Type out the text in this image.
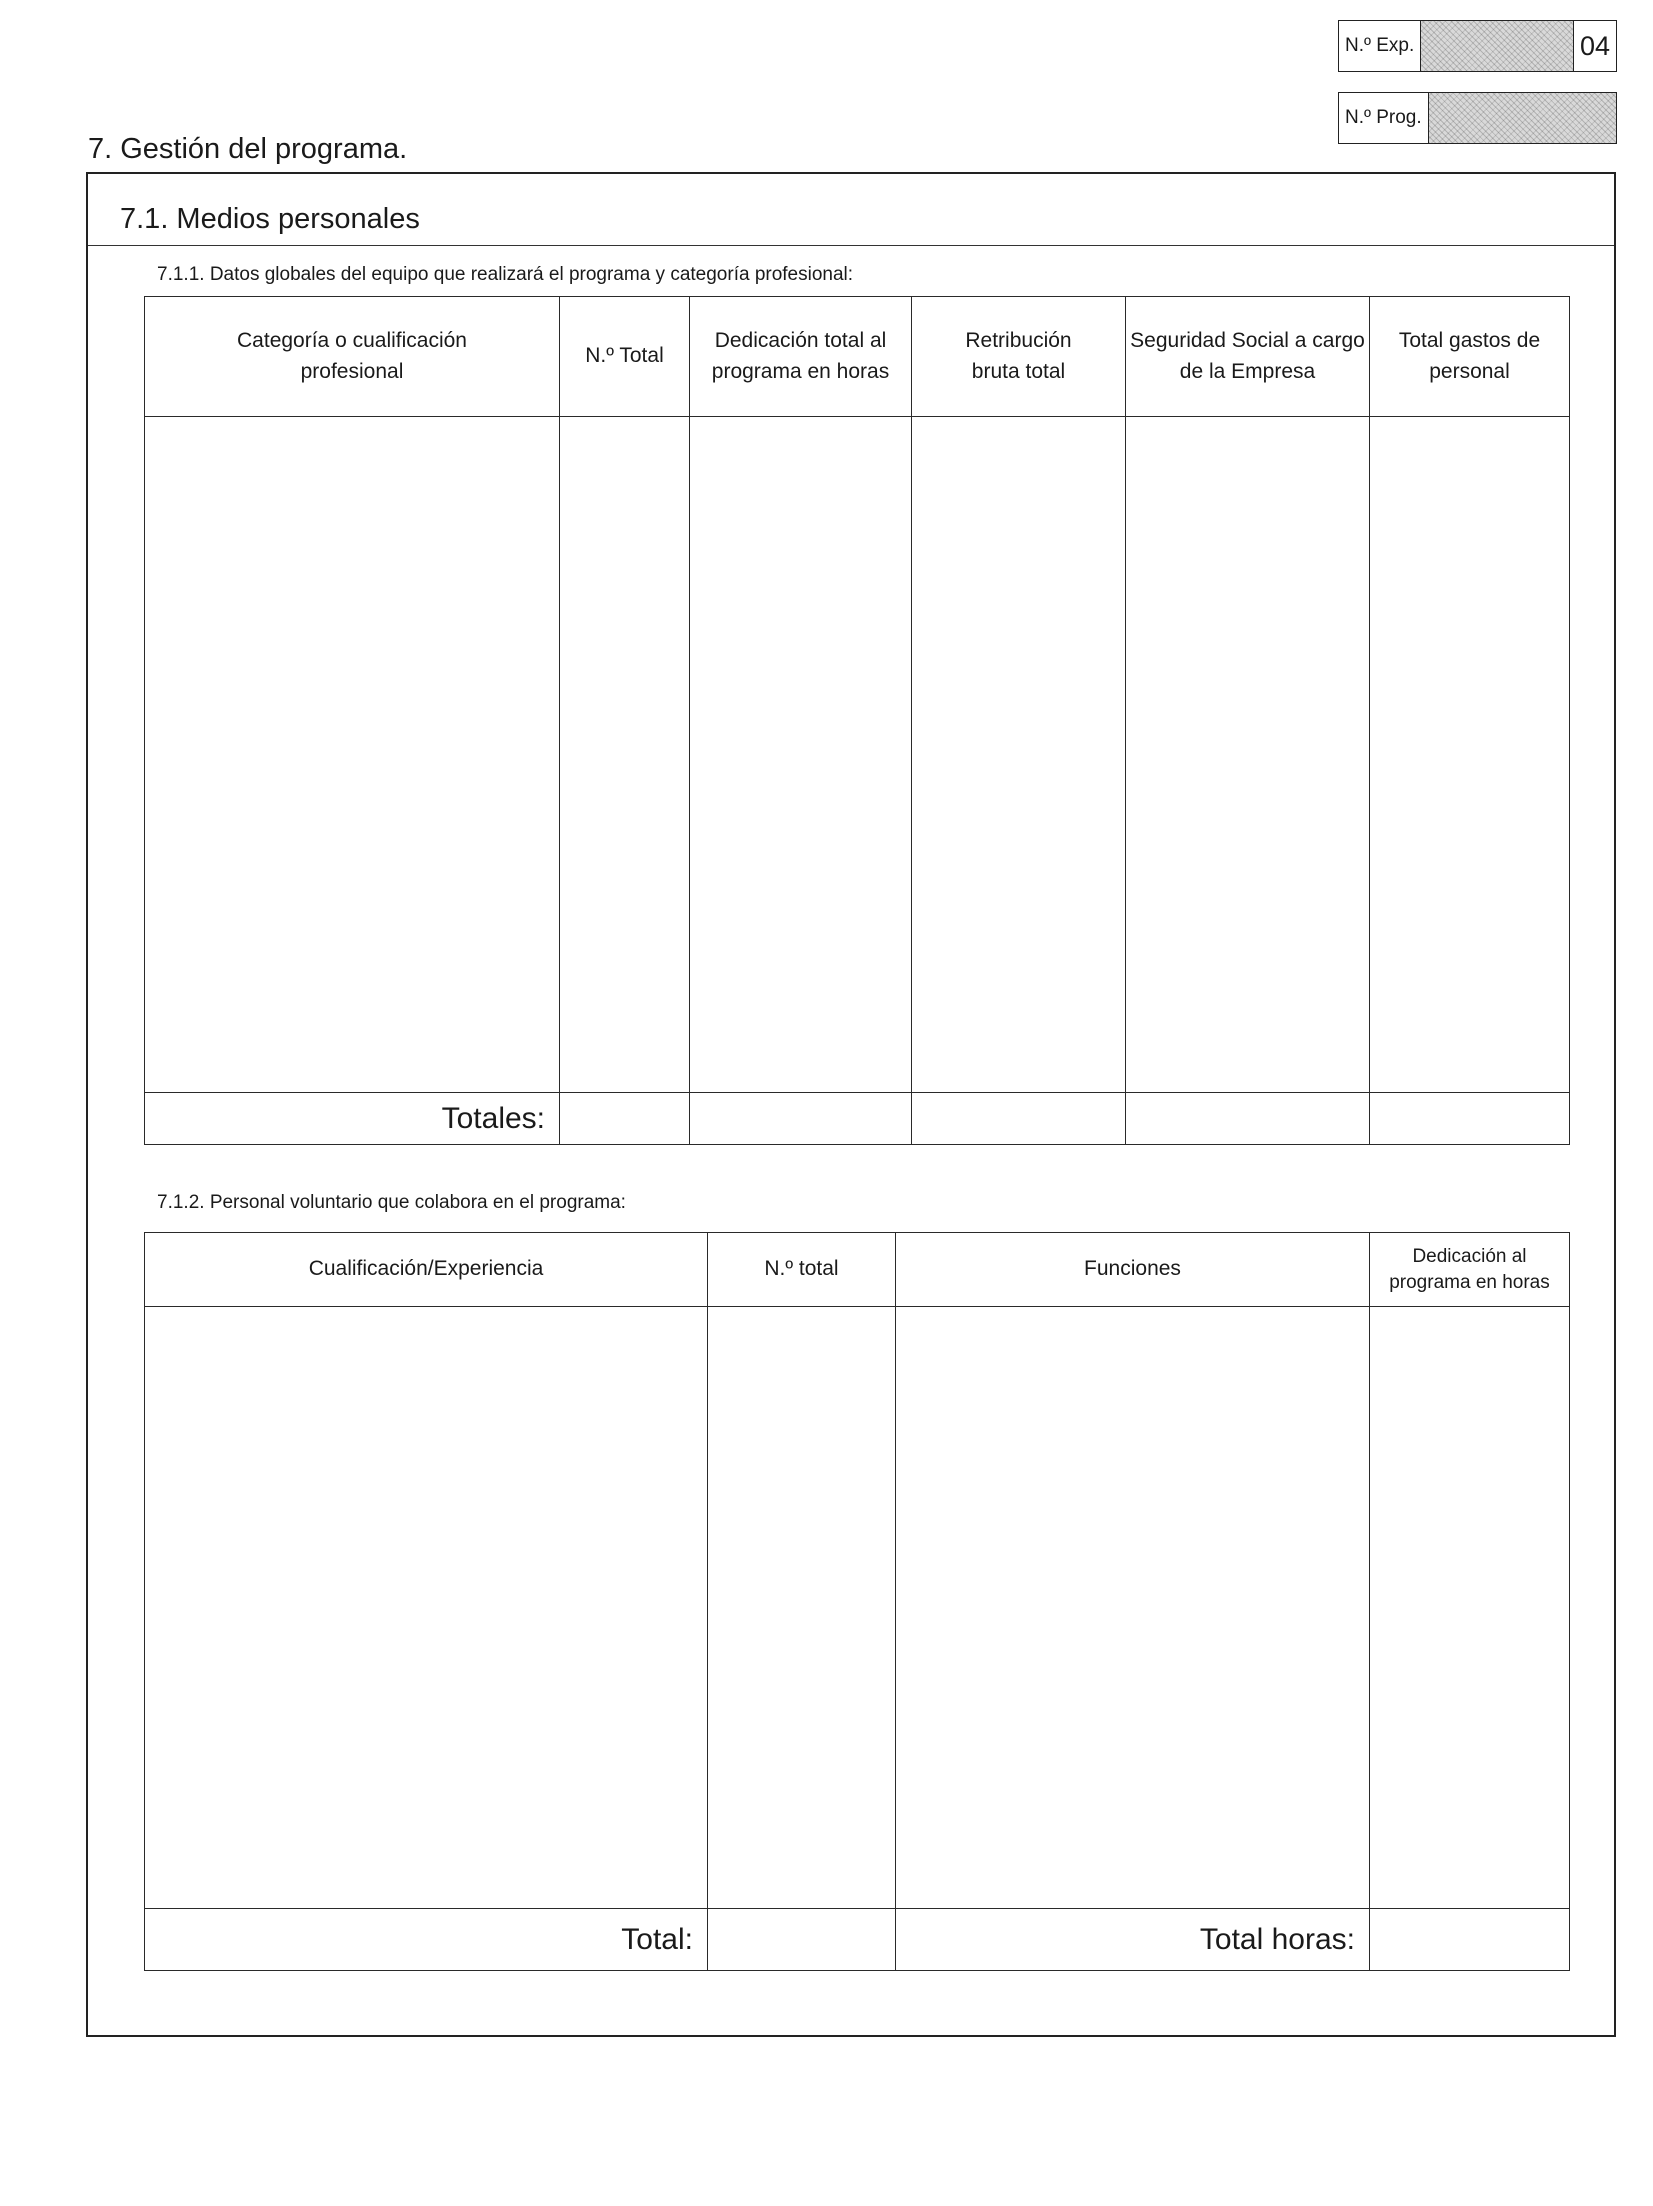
N.º Exp.	04
N.º Prog.
7. Gestión del programa.
7.1. Medios personales
7.1.1. Datos globales del equipo que realizará el programa y categoría profesional:
Categoría o cualificación profesional	N.º Total	Dedicación total al programa en horas	Retribución bruta total	Seguridad Social a cargo de la Empresa	Total gastos de personal

Totales:					
7.1.2. Personal voluntario que colabora en el programa:
Cualificación/Experiencia	N.º total	Funciones	Dedicación al programa en horas

Total:		Total horas:	
